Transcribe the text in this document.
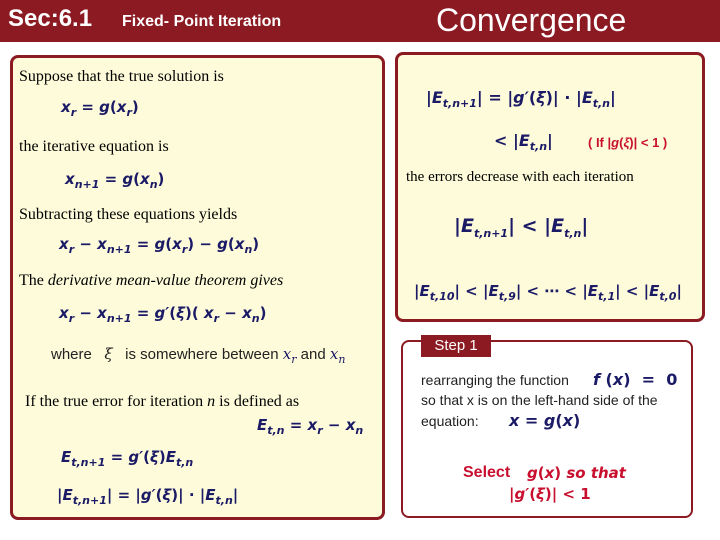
Sec:6.1 Fixed- Point Iteration	Convergence
Suppose that the true solution is
$x_r = g(x_r)$
the iterative equation is
$x_{n+1} = g(x_n)$
Subtracting these equations yields
$x_r - x_{n+1} = g(x_r) - g(x_n)$
The derivative mean-value theorem gives
$x_r - x_{n+1} = g'(\xi)$( $x_r - x_n$)
where ξ is somewhere between $x_r$ and $x_n$
If the true error for iteration n is defined as
$E_{t,n} = x_r - x_n$
$E_{t,n+1} = g'(\xi)E_{t,n}$
$|E_{t,n+1}| = |g'(\xi)| \cdot |E_{t,n}|$
$|E_{t,n+1}| = |g'(\xi)| \cdot |E_{t,n}|$
< $|E_{t,n}|$	( If |g(ξ)| < 1 )
the errors decrease with each iteration
$|E_{t,n+1}| < |E_{t,n}|$
$|E_{t,10}| < |E_{t,9}|$ < ⋯ < $|E_{t,1}| < |E_{t,0}|$
rearranging the function f (x)  =  0
so that x is on the left-hand side of the
equation: x = g(x)
Select g(x) so that
|g′(ξ)| < 1
Step 1
